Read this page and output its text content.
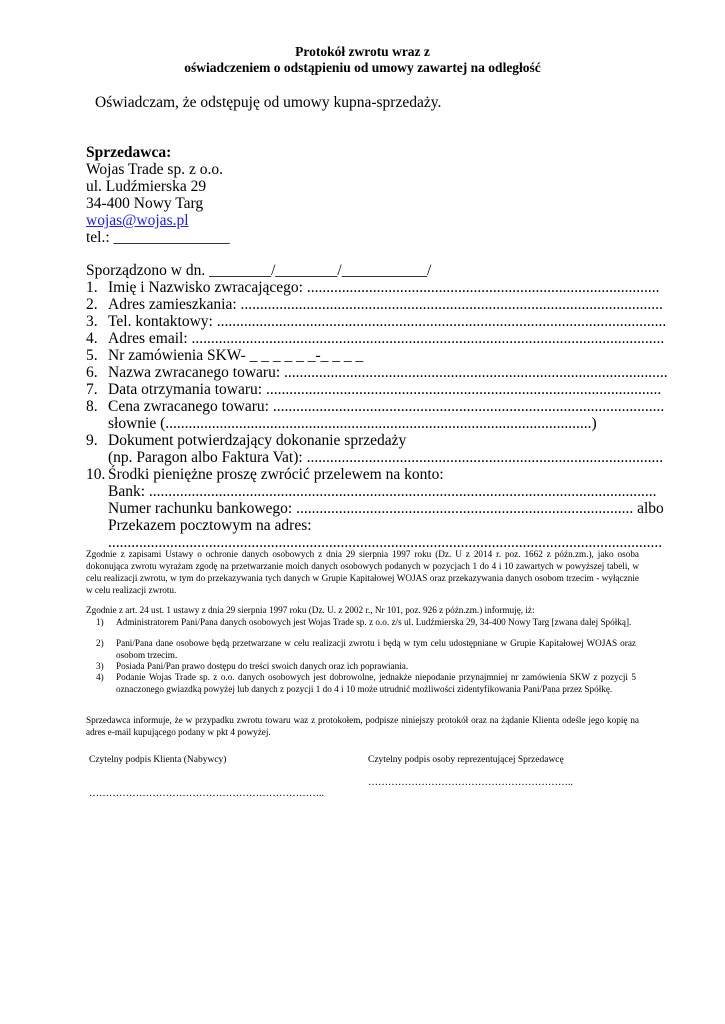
Protokół zwrotu wraz z
oświadczeniem o odstąpieniu od umowy zawartej na odległość
Oświadczam, że odstępuję od umowy kupna-sprzedaży.
Sprzedawca:
Wojas Trade sp. z o.o.
ul. Ludźmierska 29
34-400 Nowy Targ
wojas@wojas.pl
tel.: _______________
Sporządzono w dn. ________/________/___________/
1. Imię i Nazwisko zwracającego: ...........................................................................................
2. Adres zamieszkania: .............................................................................................................
3. Tel. kontaktowy: ....................................................................................................................
4. Adres email: ..........................................................................................................................
5. Nr zamówienia SKW- _ _ _ _ _ _-_ _ _ _
6. Nazwa zwracanego towaru: ...................................................................................................
7. Data otrzymania towaru: ......................................................................................................
8. Cena zwracanego towaru: .....................................................................................................
słownie (..............................................................................................................)
9. Dokument potwierdzający dokonanie sprzedaży
(np. Paragon albo Faktura Vat): ............................................................................................
10. Środki pieniężne proszę zwrócić przelewem na konto:
Bank: ...................................................................................................................................
Numer rachunku bankowego: ....................................................................................... albo
Przekazem pocztowym na adres:
...............................................................................................................................................
Zgodnie z zapisami Ustawy o ochronie danych osobowych z dnia 29 sierpnia 1997 roku (Dz. U z 2014 r. poz. 1662 z późn.zm.), jako osoba dokonująca zwrotu wyrażam zgodę na przetwarzanie moich danych osobowych podanych w pozycjach 1 do 4 i 10 zawartych w powyższej tabeli, w celu realizacji zwrotu, w tym do przekazywania tych danych w Grupie Kapitałowej WOJAS oraz przekazywania danych osobom trzecim - wyłącznie w celu realizacji zwrotu.
Zgodnie z art. 24 ust. 1 ustawy z dnia 29 sierpnia 1997 roku (Dz. U. z 2002 r., Nr 101, poz. 926 z późn.zm.) informuję, iż:
1) Administratorem Pani/Pana danych osobowych jest Wojas Trade sp. z o.o. z/s ul. Ludźmierska 29, 34-400 Nowy Targ [zwana dalej Spółką].
2) Pani/Pana dane osobowe będą przetwarzane w celu realizacji zwrotu i będą w tym celu udostępniane w Grupie Kapitałowej WOJAS oraz osobom trzecim.
3) Posiada Pani/Pan prawo dostępu do treści swoich danych oraz ich poprawiania.
4) Podanie Wojas Trade sp. z o.o. danych osobowych jest dobrowolne, jednakże niepodanie przynajmniej nr zamówienia SKW z pozycji 5 oznaczonego gwiazdką powyżej lub danych z pozycji 1 do 4 i 10 może utrudnić możliwości zidentyfikowania Pani/Pana przez Spółkę.
Sprzedawca informuje, że w przypadku zwrotu towaru waz z protokołem, podpisze niniejszy protokół oraz na żądanie Klienta odeśle jego kopię na adres e-mail kupującego podany w pkt 4 powyżej.
Czytelny podpis Klienta (Nabywcy)	Czytelny podpis osoby reprezentującej Sprzedawcę
……………………………………………………..
……………………………………………………………..
